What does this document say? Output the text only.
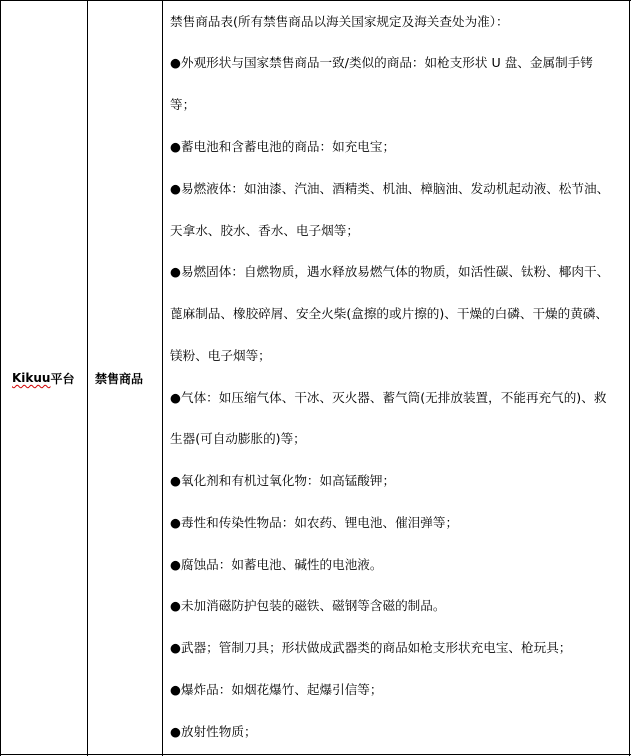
Kikuu 平台 禁售商品
禁售商品表(所有禁售商品以海关国家规定及海关查处为准）：
●外观形状与国家禁售商品一致/类似的商品：如枪支形状 U 盘、金属制手铐
等；
●蓄电池和含蓄电池的商品：如充电宝；
●易燃液体：如油漆、汽油、酒精类、机油、樟脑油、发动机起动液、松节油、
天拿水、胶水、香水、电子烟等；
●易燃固体：自燃物质，遇水释放易燃气体的物质，如活性碳、钛粉、椰肉干、
蓖麻制品、橡胶碎屑、安全火柴(盒擦的或片擦的)、干燥的白磷、干燥的黄磷、
镁粉、电子烟等；
●气体：如压缩气体、干冰、灭火器、蓄气筒(无排放装置，不能再充气的)、救
生器(可自动膨胀的)等；
●氧化剂和有机过氧化物：如高锰酸钾；
●毒性和传染性物品：如农药、锂电池、催泪弹等；
●腐蚀品：如蓄电池、碱性的电池液。
●未加消磁防护包装的磁铁、磁钢等含磁的制品。
●武器；管制刀具；形状做成武器类的商品如枪支形状充电宝、枪玩具；
●爆炸品：如烟花爆竹、起爆引信等；
●放射性物质；
